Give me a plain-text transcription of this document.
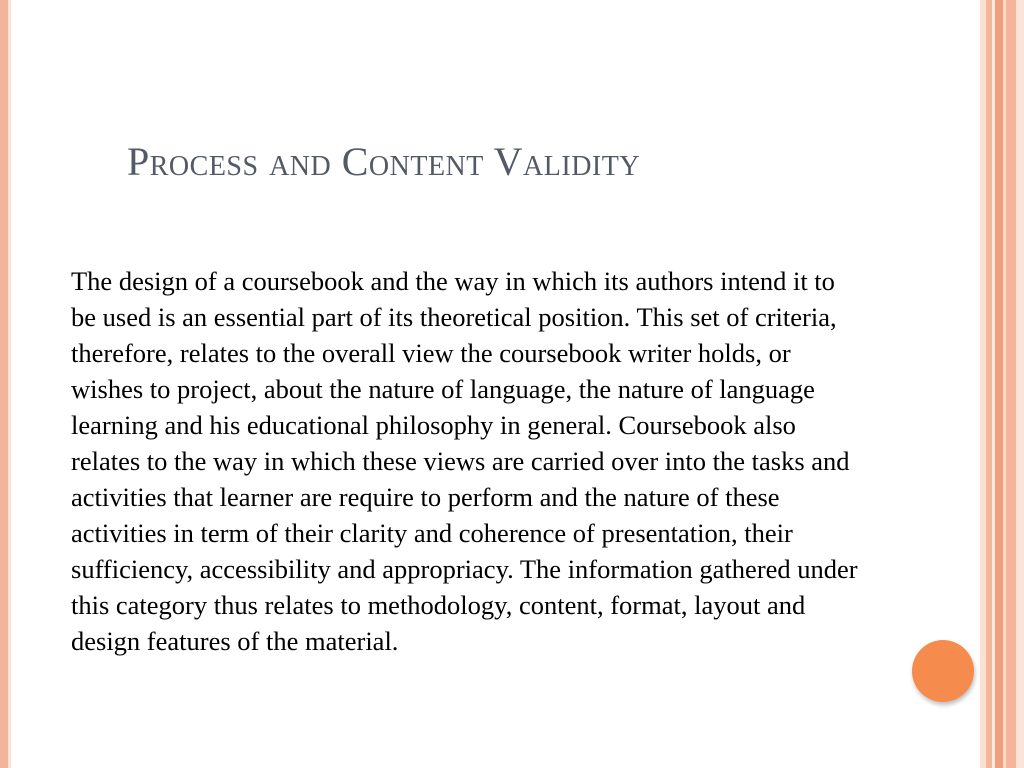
Process and Content Validity
The design of a coursebook and the way in which its authors intend it to
be used is an essential part of its theoretical position. This set of criteria,
therefore, relates to the overall view the coursebook writer holds, or
wishes to project, about the nature of language, the nature of language
learning and his educational philosophy in general. Coursebook also
relates to the way in which these views are carried over into the tasks and
activities that learner are require to perform and the nature of these
activities in term of their clarity and coherence of presentation, their
sufficiency, accessibility and appropriacy. The information gathered under
this category thus relates to methodology, content, format, layout and
design features of the material.
